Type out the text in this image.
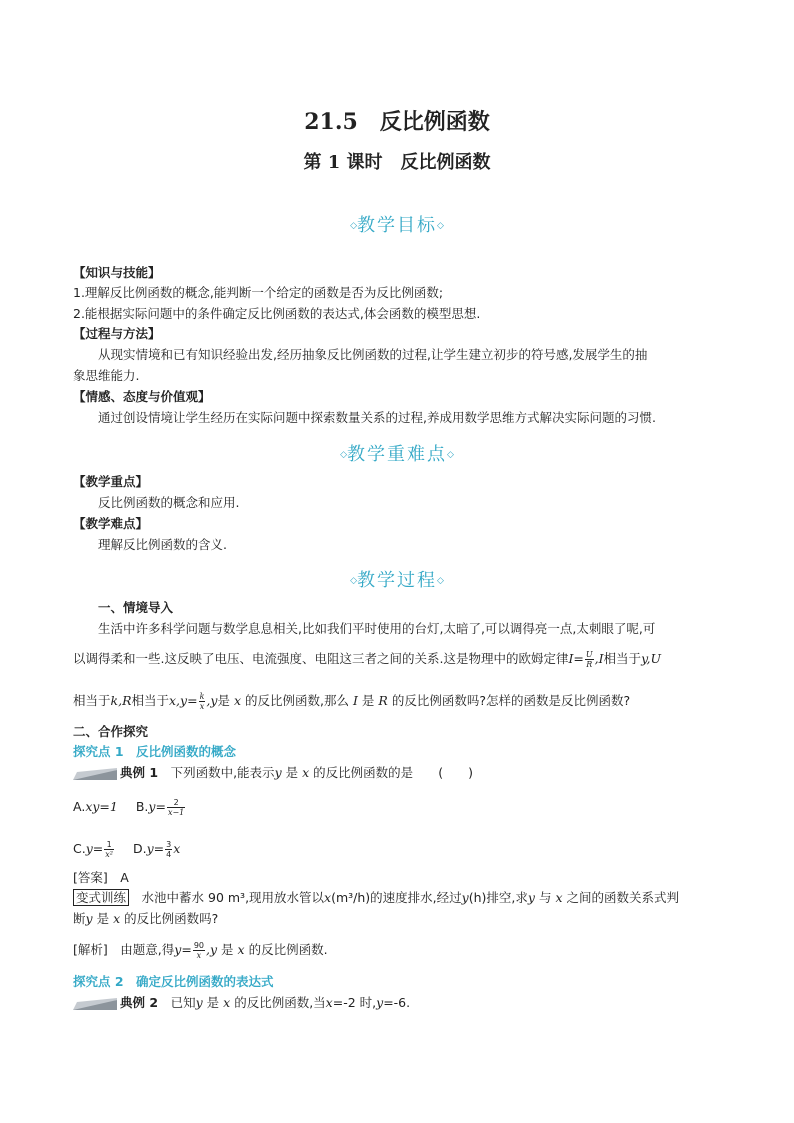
21.5　反比例函数
第 1 课时　反比例函数
◇教学目标◇
【知识与技能】
1.理解反比例函数的概念,能判断一个给定的函数是否为反比例函数;
2.能根据实际问题中的条件确定反比例函数的表达式,体会函数的模型思想.
【过程与方法】
从现实情境和已有知识经验出发,经历抽象反比例函数的过程,让学生建立初步的符号感,发展学生的抽
象思维能力.
【情感、态度与价值观】
通过创设情境让学生经历在实际问题中探索数量关系的过程,养成用数学思维方式解决实际问题的习惯.
◇教学重难点◇
【教学重点】
反比例函数的概念和应用.
【教学难点】
理解反比例函数的含义.
◇教学过程◇
一、情境导入
生活中许多科学问题与数学息息相关,比如我们平时使用的台灯,太暗了,可以调得亮一点,太刺眼了呢,可
以调得柔和一些.这反映了电压、电流强度、电阻这三者之间的关系.这是物理中的欧姆定律$I= \frac{U}{R} ,I$相当于y,U
相当于k,R相当于$x,y= \frac{k}{x} ,y$是 x 的反比例函数,那么 I 是 R 的反比例函数吗?怎样的函数是反比例函数?
二、合作探究
探究点 1　反比例函数的概念
典例 1　 下列函数中,能表示y 是 x 的反比例函数的是　　 (　　)
A.xy=1 $B.y= \frac{2}{x-1}$
$C.y= \frac{1}{\text{x²}} D.y= \frac{3}{4}$ x
[答案]　 A
变式训练　 水池中蓄水 90 m³,现用放水管以x(m³/h)的速度排水,经过y(h)排空,求y 与 x 之间的函数关系式判
断y 是 x 的反比例函数吗?
[解析]　 由题意,得$y= \frac{90}{x} ,y$ 是 x 的反比例函数.
探究点 2　确定反比例函数的表达式
典例 2　 已知y 是 x 的反比例函数,当x=-2 时,y=-6.
